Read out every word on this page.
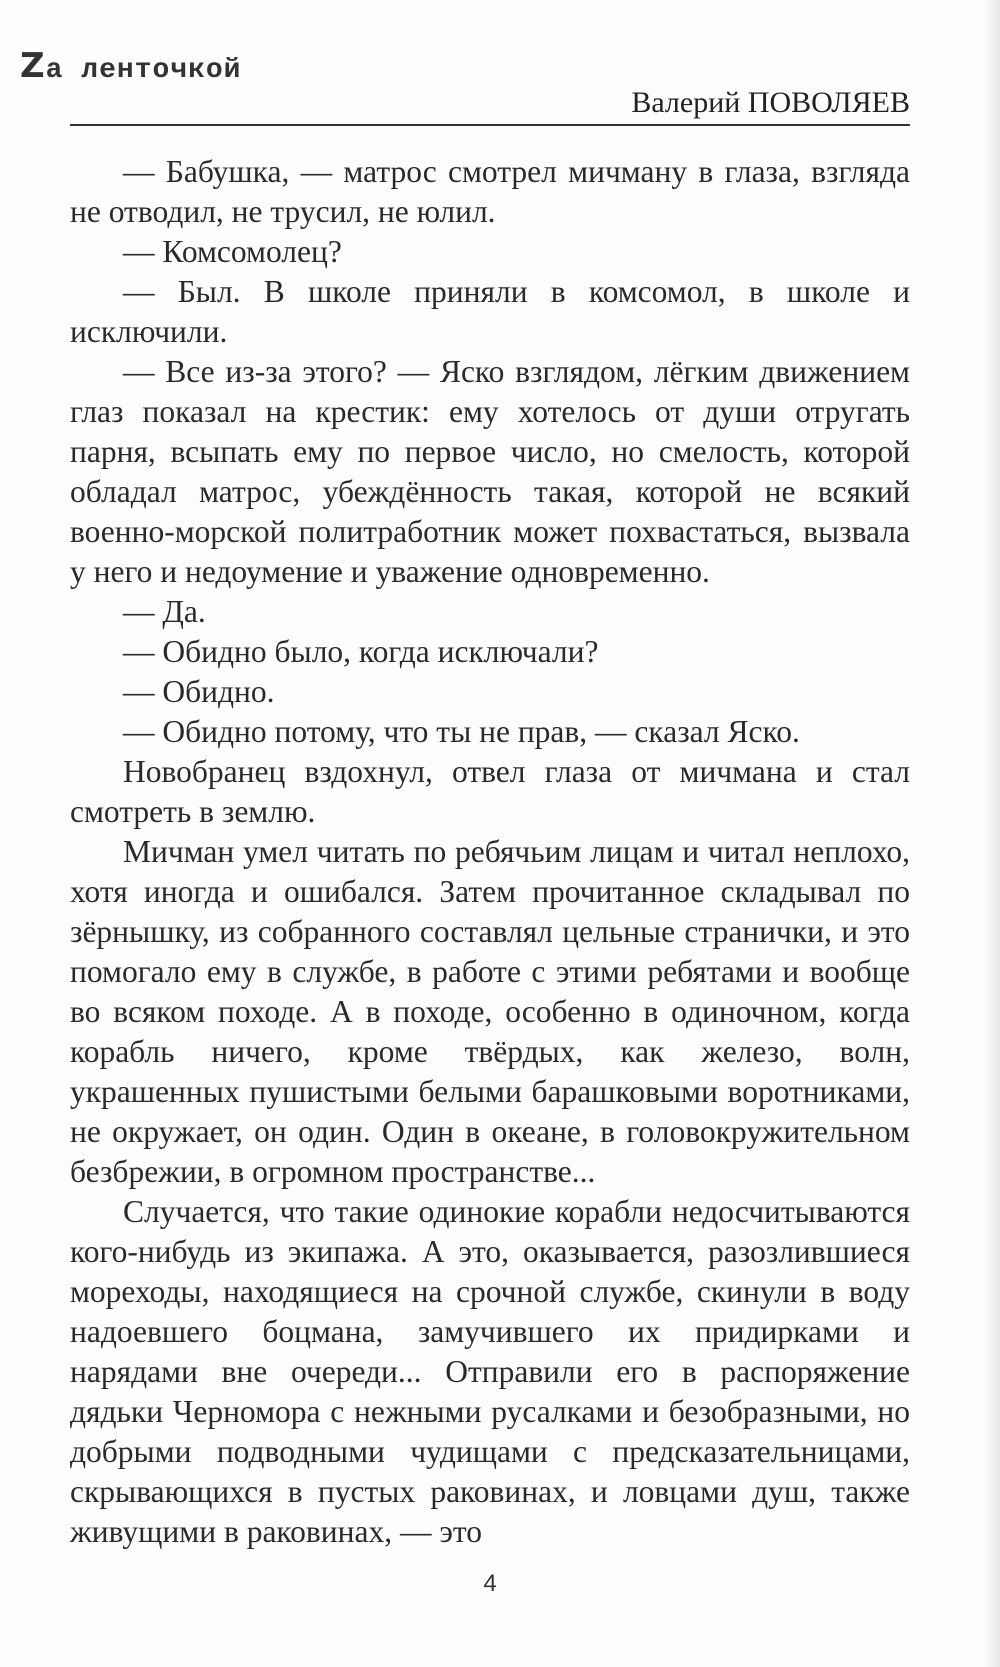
Zа ленточкой
Валерий ПОВОЛЯЕВ

— Бабушка, — матрос смотрел мичману в глаза, взгляда не отводил, не трусил, не юлил.

— Комсомолец?

— Был. В школе приняли в комсомол, в школе и исключили.

— Все из-за этого? — Яско взглядом, лёгким движением глаз показал на крестик: ему хотелось от души отругать парня, всыпать ему по первое число, но смелость, которой обладал матрос, убеждённость такая, которой не всякий военно-морской политработник может похвастаться, вызвала у него и недоумение и уважение одновременно.

— Да.

— Обидно было, когда исключали?

— Обидно.

— Обидно потому, что ты не прав, — сказал Яско.

Новобранец вздохнул, отвел глаза от мичмана и стал смотреть в землю.

Мичман умел читать по ребячьим лицам и читал неплохо, хотя иногда и ошибался. Затем прочитанное складывал по зёрнышку, из собранного составлял цельные странички, и это помогало ему в службе, в работе с этими ребятами и вообще во всяком походе. А в походе, особенно в одиночном, когда корабль ничего, кроме твёрдых, как железо, волн, украшенных пушистыми белыми барашковыми воротниками, не окружает, он один. Один в океане, в головокружительном безбрежии, в огромном пространстве...

Случается, что такие одинокие корабли недосчитываются кого-нибудь из экипажа. А это, оказывается, разозлившиеся мореходы, находящиеся на срочной службе, скинули в воду надоевшего боцмана, замучившего их придирками и нарядами вне очереди... Отправили его в распоряжение дядьки Черномора с нежными русалками и безобразными, но добрыми подводными чудищами с предсказательницами, скрывающихся в пустых раковинах, и ловцами душ, также живущими в раковинах, — это

4
